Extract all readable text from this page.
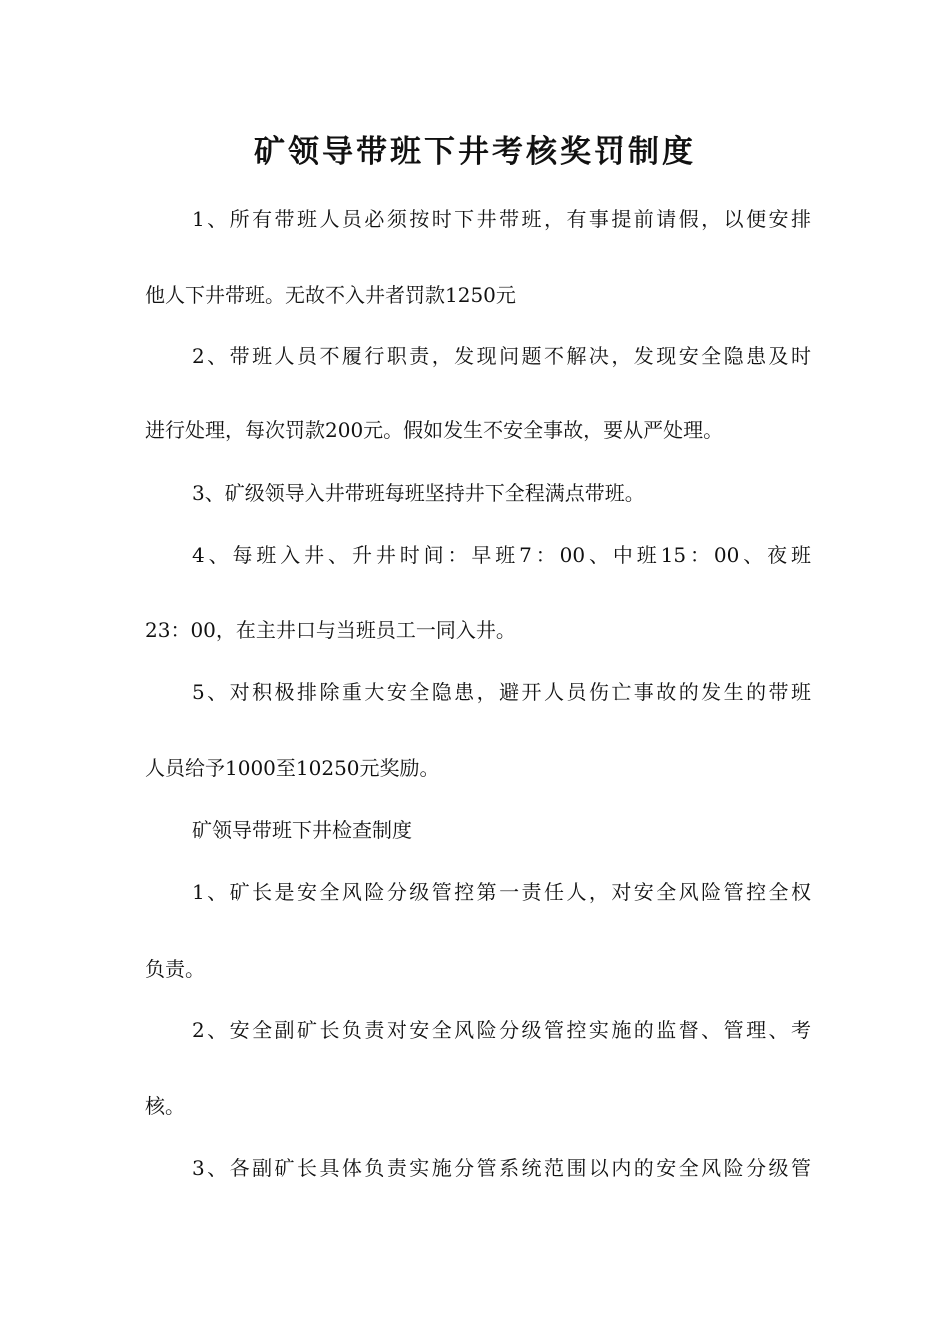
矿领导带班下井考核奖罚制度
1、所有带班人员必须按时下井带班，有事提前请假，以便安排
他人下井带班。无故不入井者罚款1250元
2、带班人员不履行职责，发现问题不解决，发现安全隐患及时
进行处理，每次罚款200元。假如发生不安全事故，要从严处理。
3、矿级领导入井带班每班坚持井下全程满点带班。
4、每班入井、升井时间：早班7：00、中班15：00、夜班
23：00，在主井口与当班员工一同入井。
5、对积极排除重大安全隐患，避开人员伤亡事故的发生的带班
人员给予1000至10250元奖励。
矿领导带班下井检查制度
1、矿长是安全风险分级管控第一责任人，对安全风险管控全权
负责。
2、安全副矿长负责对安全风险分级管控实施的监督、管理、考
核。
3、各副矿长具体负责实施分管系统范围以内的安全风险分级管
